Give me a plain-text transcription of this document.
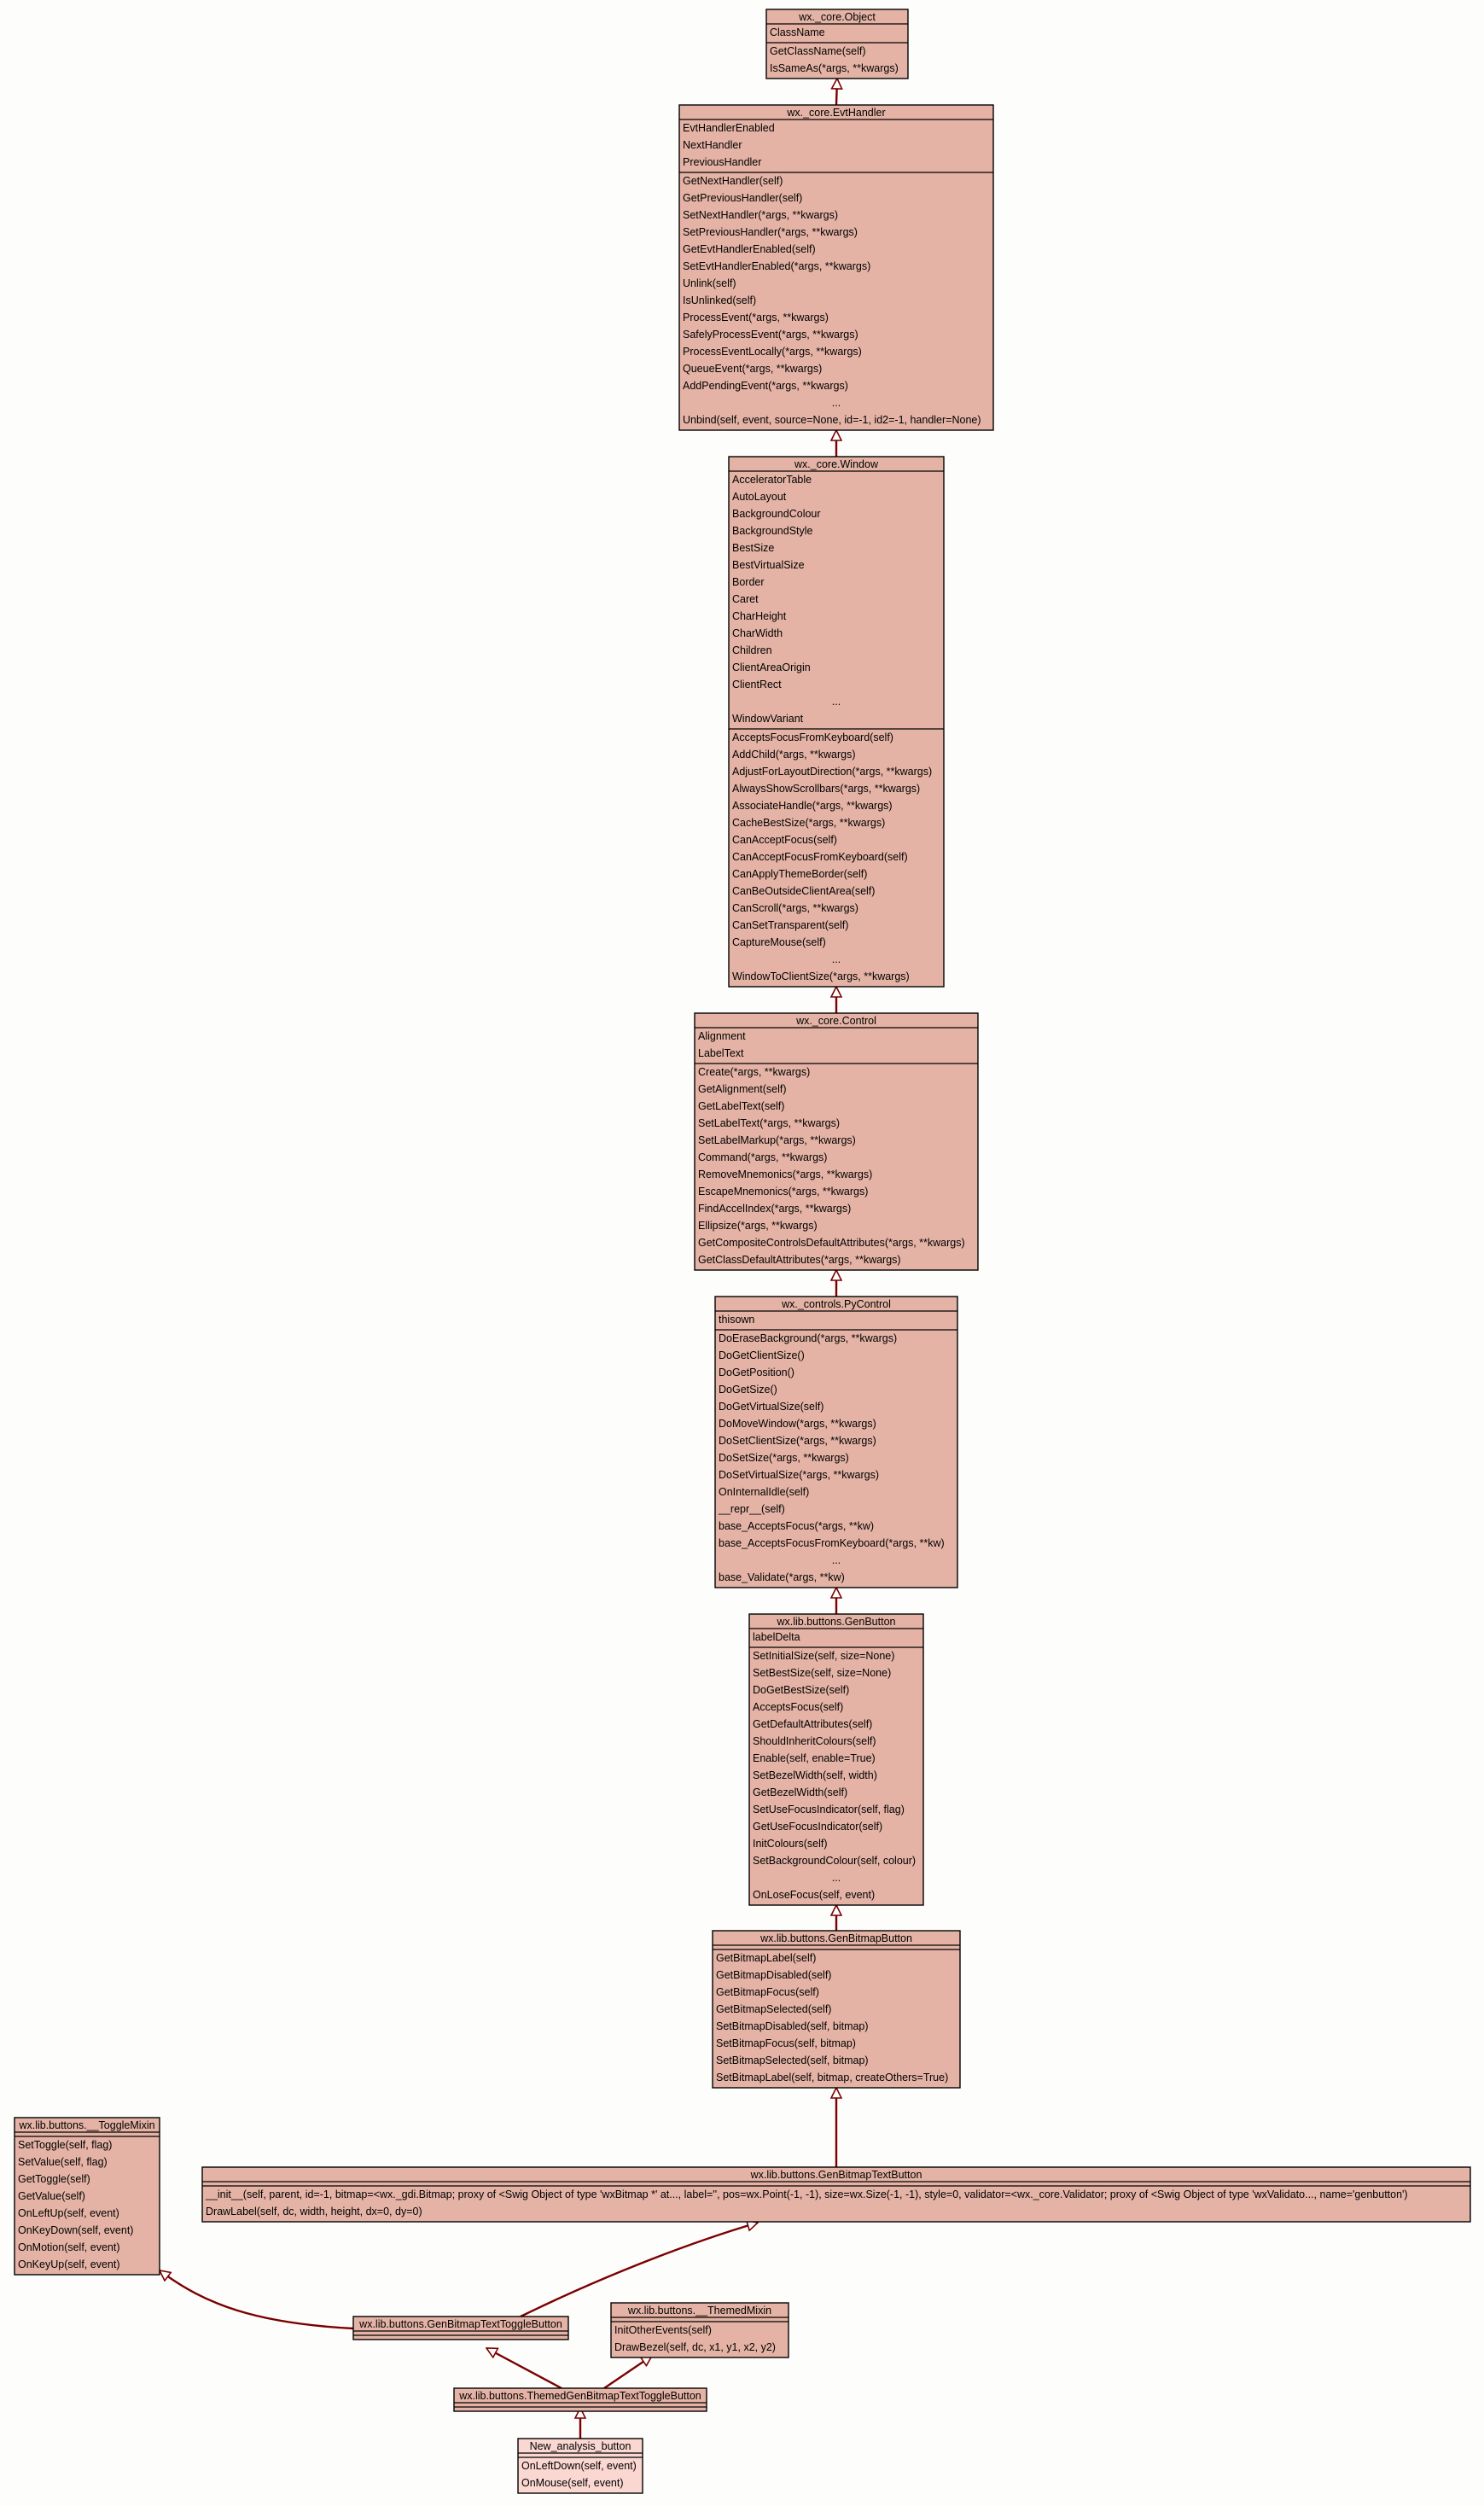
wx._core.Object
ClassName
GetClassName(self)
IsSameAs(*args, **kwargs)
wx._core.EvtHandler
EvtHandlerEnabled
NextHandler
PreviousHandler
GetNextHandler(self)
GetPreviousHandler(self)
SetNextHandler(*args, **kwargs)
SetPreviousHandler(*args, **kwargs)
GetEvtHandlerEnabled(self)
SetEvtHandlerEnabled(*args, **kwargs)
Unlink(self)
IsUnlinked(self)
ProcessEvent(*args, **kwargs)
SafelyProcessEvent(*args, **kwargs)
ProcessEventLocally(*args, **kwargs)
QueueEvent(*args, **kwargs)
AddPendingEvent(*args, **kwargs)
...
Unbind(self, event, source=None, id=-1, id2=-1, handler=None)
wx._core.Window
AcceleratorTable
AutoLayout
BackgroundColour
BackgroundStyle
BestSize
BestVirtualSize
Border
Caret
CharHeight
CharWidth
Children
ClientAreaOrigin
ClientRect
...
WindowVariant
AcceptsFocusFromKeyboard(self)
AddChild(*args, **kwargs)
AdjustForLayoutDirection(*args, **kwargs)
AlwaysShowScrollbars(*args, **kwargs)
AssociateHandle(*args, **kwargs)
CacheBestSize(*args, **kwargs)
CanAcceptFocus(self)
CanAcceptFocusFromKeyboard(self)
CanApplyThemeBorder(self)
CanBeOutsideClientArea(self)
CanScroll(*args, **kwargs)
CanSetTransparent(self)
CaptureMouse(self)
...
WindowToClientSize(*args, **kwargs)
wx._core.Control
Alignment
LabelText
Create(*args, **kwargs)
GetAlignment(self)
GetLabelText(self)
SetLabelText(*args, **kwargs)
SetLabelMarkup(*args, **kwargs)
Command(*args, **kwargs)
RemoveMnemonics(*args, **kwargs)
EscapeMnemonics(*args, **kwargs)
FindAccelIndex(*args, **kwargs)
Ellipsize(*args, **kwargs)
GetCompositeControlsDefaultAttributes(*args, **kwargs)
GetClassDefaultAttributes(*args, **kwargs)
wx._controls.PyControl
thisown
DoEraseBackground(*args, **kwargs)
DoGetClientSize()
DoGetPosition()
DoGetSize()
DoGetVirtualSize(self)
DoMoveWindow(*args, **kwargs)
DoSetClientSize(*args, **kwargs)
DoSetSize(*args, **kwargs)
DoSetVirtualSize(*args, **kwargs)
OnInternalIdle(self)
__repr__(self)
base_AcceptsFocus(*args, **kw)
base_AcceptsFocusFromKeyboard(*args, **kw)
...
base_Validate(*args, **kw)
wx.lib.buttons.GenButton
labelDelta
SetInitialSize(self, size=None)
SetBestSize(self, size=None)
DoGetBestSize(self)
AcceptsFocus(self)
GetDefaultAttributes(self)
ShouldInheritColours(self)
Enable(self, enable=True)
SetBezelWidth(self, width)
GetBezelWidth(self)
SetUseFocusIndicator(self, flag)
GetUseFocusIndicator(self)
InitColours(self)
SetBackgroundColour(self, colour)
...
OnLoseFocus(self, event)
wx.lib.buttons.GenBitmapButton
GetBitmapLabel(self)
GetBitmapDisabled(self)
GetBitmapFocus(self)
GetBitmapSelected(self)
SetBitmapDisabled(self, bitmap)
SetBitmapFocus(self, bitmap)
SetBitmapSelected(self, bitmap)
SetBitmapLabel(self, bitmap, createOthers=True)
wx.lib.buttons.__ToggleMixin
SetToggle(self, flag)
SetValue(self, flag)
GetToggle(self)
GetValue(self)
OnLeftUp(self, event)
OnKeyDown(self, event)
OnMotion(self, event)
OnKeyUp(self, event)
wx.lib.buttons.GenBitmapTextButton
__init__(self, parent, id=-1, bitmap=<wx._gdi.Bitmap; proxy of <Swig Object of type 'wxBitmap *' at..., label='', pos=wx.Point(-1, -1), size=wx.Size(-1, -1), style=0, validator=<wx._core.Validator; proxy of <Swig Object of type 'wxValidato..., name='genbutton')
DrawLabel(self, dc, width, height, dx=0, dy=0)
wx.lib.buttons.GenBitmapTextToggleButton
wx.lib.buttons.__ThemedMixin
InitOtherEvents(self)
DrawBezel(self, dc, x1, y1, x2, y2)
wx.lib.buttons.ThemedGenBitmapTextToggleButton
New_analysis_button
OnLeftDown(self, event)
OnMouse(self, event)
